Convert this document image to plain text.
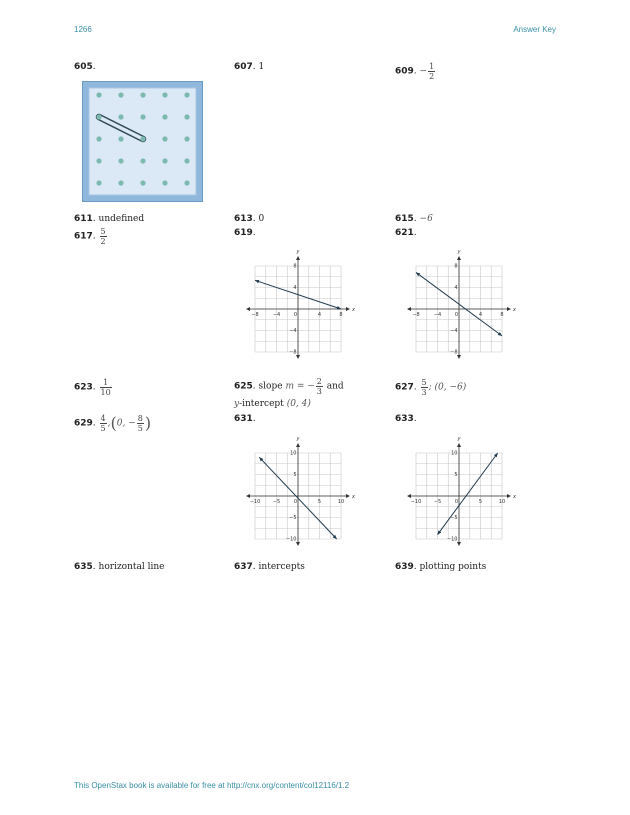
1266	Answer Key
605.	607. 1	609. − $\frac{1}{2}$
611. undefined	613. 0	615. −6
617. $\frac{5}{2}$	619.	621.
x
y
−8	−4	0	4	8
−8
−4
4
8
x
y
−8	−4	0	4	8
−8
−4
4
8
623. $\frac{1}{10}$	625. slope m = − $\frac{2}{3}$ and
y-intercept (0, 4)
627. $\frac{5}{3}$ ; (0, −6)
629. $\frac{4}{5} ,(0$, − $\frac{8}{5}$ )	631.	633.
x
y
−10	−5	0	5	10
−10
−5
5
10
x
y
−10	−5	0	5	10
−10
−5
5
10
635. horizontal line	637. intercepts	639. plotting points
This OpenStax book is available for free at http://cnx.org/content/col12116/1.2
